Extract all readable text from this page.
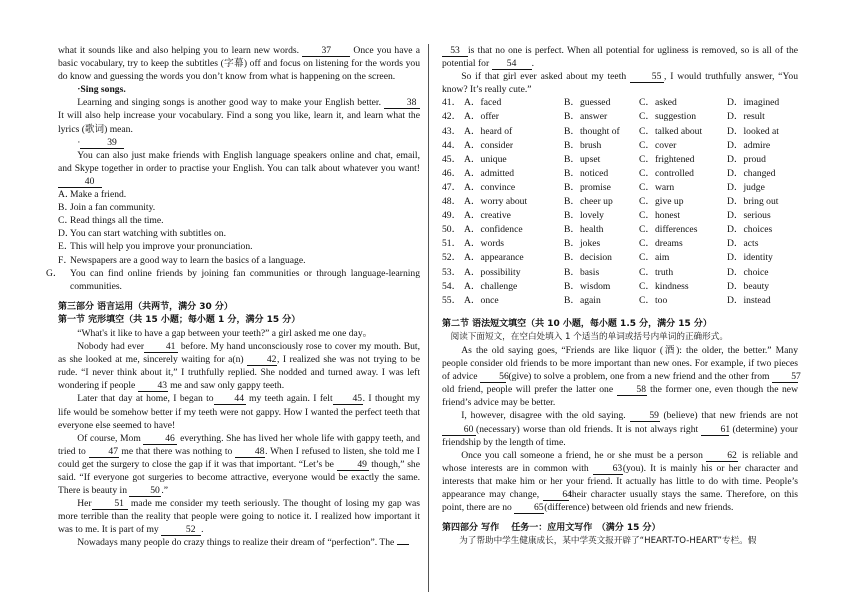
what it sounds like and also helping you to learn new words. 37 Once you have a basic vocabulary, try to keep the subtitles (字幕) off and focus on listening for the words you do know and guessing the words you don’t know from what is happening on the screen.

·Sing songs.

Learning and singing songs is another good way to make your English better. 38 It will also help increase your vocabulary. Find a song you like, learn it, and learn what the lyrics (歌词) mean.

·	39

You can also just make friends with English language speakers online and chat, email, and Skype together in order to practise your English. You can talk about whatever you want! 40

A．Make a friend.

B．Join a fan community.

C．Read things all the time.

D．You can start watching with subtitles on.

E．This will help you improve your pronunciation.

F．Newspapers are a good way to learn the basics of a language.

G． You can find online friends by joining fan communities or through language-learning communities.

第三部分 语言运用（共两节，满分 30 分）

第一节 完形填空（共 15 小题；每小题 1 分，满分 15 分）

“What's it like to have a gap between your teeth?” a girl asked me one day。

Nobody had ever 41 before. My hand unconsciously rose to cover my mouth. But, as she looked at me, sincerely waiting for a(n) 42, I realized she was not trying to be rude. “I never think about it,” I truthfully replied. She nodded and turned away. I was left wondering if people 43 me and saw only gappy teeth.

Later that day at home, I began to 44 my teeth again. I felt 45. I thought my life would be somehow better if my teeth were not gappy. How I wanted the perfect teeth that everyone else seemed to have!

Of course, Mom 46 everything. She has lived her whole life with gappy teeth, and tried to 47 me that there was nothing to 48. When I refused to listen, she told me I could get the surgery to close the gap if it was that important. “Let’s be 49 though,” she said. “If everyone got surgeries to become attractive, everyone would be exactly the same. There is beauty in 50 .”

Her 51 made me consider my teeth seriously. The thought of losing my gap was more terrible than the reality that people were going to notice it. I realized how important it was to me. It is part of my	52 .

Nowadays many people do crazy things to realize their dream of “perfection”. The

53 is that no one is perfect. When all potential for ugliness is removed, so is all of the potential for 54 .

So if that girl ever asked about my teeth 55 , I would truthfully answer, “You know? It’s really cute.”

41．	A．faced	B．guessed	C．asked	D．imagined
42．	A．offer	B．answer	C．suggestion	D．result
43．	A．heard of	B．thought of	C．talked about	D．looked at
44．	A．consider	B．brush	C．cover	D．admire
45．	A．unique	B．upset	C．frightened	D．proud
46．	A．admitted	B．noticed	C．controlled	D．changed
47．	A．convince	B．promise	C．warn	D．judge
48．	A．worry about	B．cheer up	C．give up	D．bring out
49．	A．creative	B．lovely	C．honest	D．serious
50．	A．confidence	B．health	C．differences	D．choices
51．	A．words	B．jokes	C．dreams	D．acts
52．	A．appearance	B．decision	C．aim	D．identity
53．	A．possibility	B．basis	C．truth	D．choice
54．	A．challenge	B．wisdom	C．kindness	D．beauty
55．	A．once	B．again	C．too	D．instead

第二节 语法短文填空（共 10 小题，每小题 1.5 分，满分 15 分）

阅读下面短文，在空白处填入 1 个适当的单词或括号内单词的正确形式。

As the old saying goes, “Friends are like liquor (酒): the older, the better.” Many people consider old friends to be more important than new ones. For example, if two pieces of advice 56 (give) to solve a problem, one from a new friend and the other from 57 old friend, people will prefer the latter one 58 the former one, even though the new friend’s advice may be better.

I, however, disagree with the old saying. 59 (believe) that new friends are not 60 (necessary) worse than old friends. It is not always right 61 (determine) your friendship by the length of time.

Once you call someone a friend, he or she must be a person 62 is reliable and whose interests are in common with 63(you). It is mainly his or her character and interests that make him or her your friend. It actually has little to do with time. People’s appearance may change, 64their character usually stays the same. Therefore, on this point, there are no 65(difference) between old friends and new friends.

第四部分 写作　 任务一：应用文写作　（满分 15 分）

为了帮助中学生健康成长，某中学英文报开辟了“HEART-TO-HEART”专栏。假
